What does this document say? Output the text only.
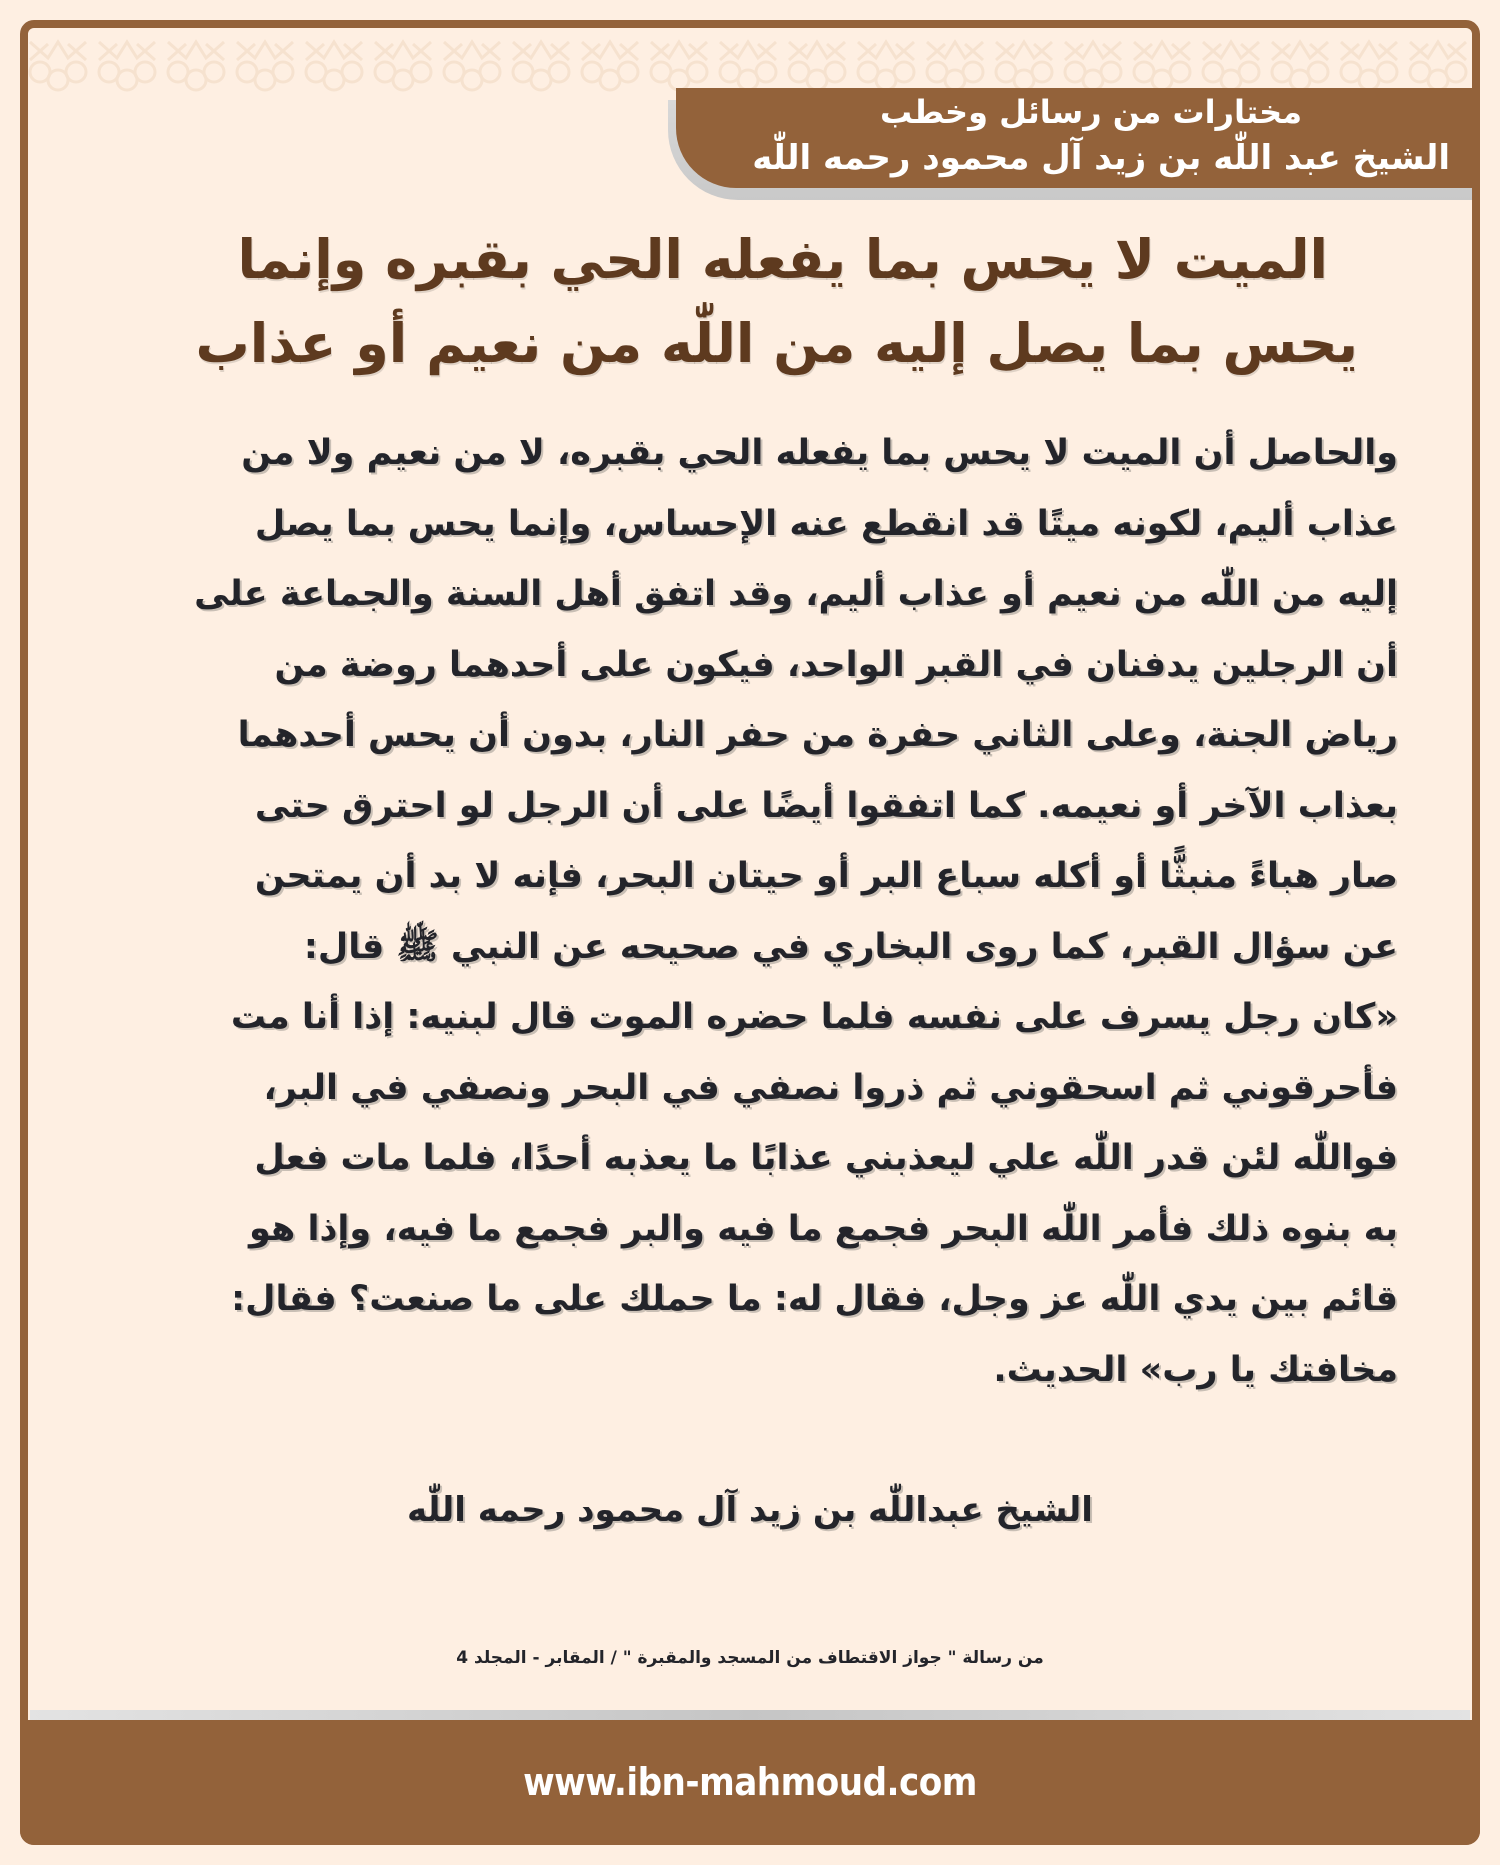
مختارات من رسائل وخطب
الشيخ عبد اللّٰه بن زيد آل محمود رحمه اللّٰه
الميت لا يحس بما يفعله الحي بقبره وإنما
يحس بما يصل إليه من اللّٰه من نعيم أو عذاب
والحاصل أن الميت لا يحس بما يفعله الحي بقبره، لا من نعيم ولا من
عذاب أليم، لكونه ميتًا قد انقطع عنه الإحساس، وإنما يحس بما يصل
إليه من اللّٰه من نعيم أو عذاب أليم، وقد اتفق أهل السنة والجماعة على
أن الرجلين يدفنان في القبر الواحد، فيكون على أحدهما روضة من
رياض الجنة، وعلى الثاني حفرة من حفر النار، بدون أن يحس أحدهما
بعذاب الآخر أو نعيمه. كما اتفقوا أيضًا على أن الرجل لو احترق حتى
صار هباءً منبثًّا أو أكله سباع البر أو حيتان البحر، فإنه لا بد أن يمتحن
عن سؤال القبر، كما روى البخاري في صحيحه عن النبي ﷺ قال:
«كان رجل يسرف على نفسه فلما حضره الموت قال لبنيه: إذا أنا مت
فأحرقوني ثم اسحقوني ثم ذروا نصفي في البحر ونصفي في البر،
فواللّٰه لئن قدر اللّٰه علي ليعذبني عذابًا ما يعذبه أحدًا، فلما مات فعل
به بنوه ذلك فأمر اللّٰه البحر فجمع ما فيه والبر فجمع ما فيه، وإذا هو
قائم بين يدي اللّٰه عز وجل، فقال له: ما حملك على ما صنعت؟ فقال:
مخافتك يا رب» الحديث.
الشيخ عبداللّٰه بن زيد آل محمود رحمه اللّٰه
من رسالة " جواز الاقتطاف من المسجد والمقبرة " / المقابر - المجلد 4
www.ibn-mahmoud.com
